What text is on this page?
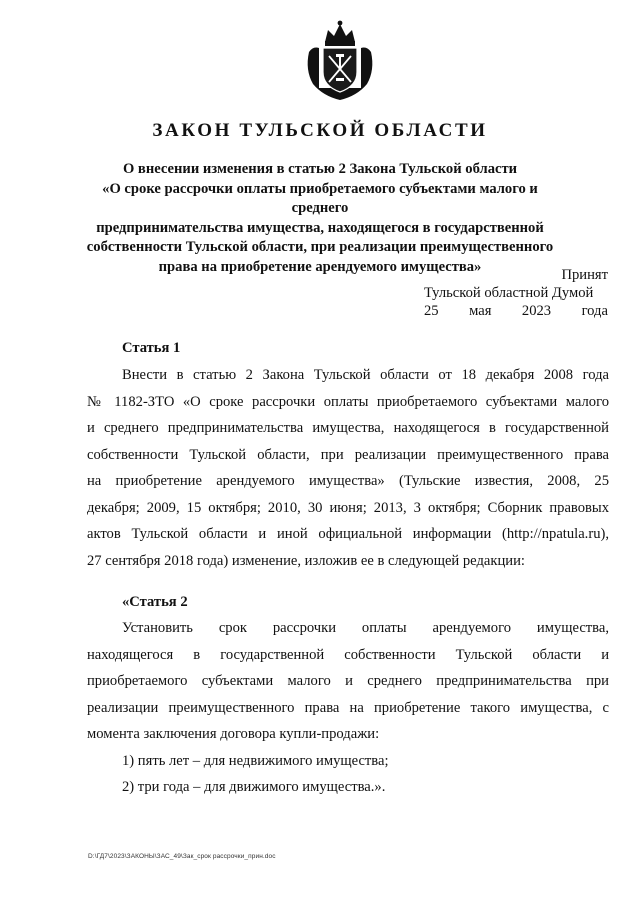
ЗАКОН ТУЛЬСКОЙ ОБЛАСТИ
О внесении изменения в статью 2 Закона Тульской области
«О сроке рассрочки оплаты приобретаемого субъектами малого и среднего
предпринимательства имущества, находящегося в государственной
собственности Тульской области, при реализации преимущественного
права на приобретение арендуемого имущества»
Принят
Тульской областной Думой
25 мая 2023 года
Статья 1
Внести в статью 2 Закона Тульской области от 18 декабря 2008 года
№ 1182-ЗТО «О сроке рассрочки оплаты приобретаемого субъектами малого
и среднего предпринимательства имущества, находящегося в государственной
собственности Тульской области, при реализации преимущественного права
на приобретение арендуемого имущества» (Тульские известия, 2008, 25
декабря; 2009, 15 октября; 2010, 30 июня; 2013, 3 октября; Сборник правовых
актов Тульской области и иной официальной информации (http://npatula.ru),
27 сентября 2018 года) изменение, изложив ее в следующей редакции:
«Статья 2
Установить срок рассрочки оплаты арендуемого имущества,
находящегося в государственной собственности Тульской области и
приобретаемого субъектами малого и среднего предпринимательства при
реализации преимущественного права на приобретение такого имущества, с
момента заключения договора купли-продажи:
1) пять лет – для недвижимого имущества;
2) три года – для движимого имущества.».
D:\ГД7\2023\ЗАКОНЫ\ЗАС_49\Зак_срок рассрочки_прин.doc
